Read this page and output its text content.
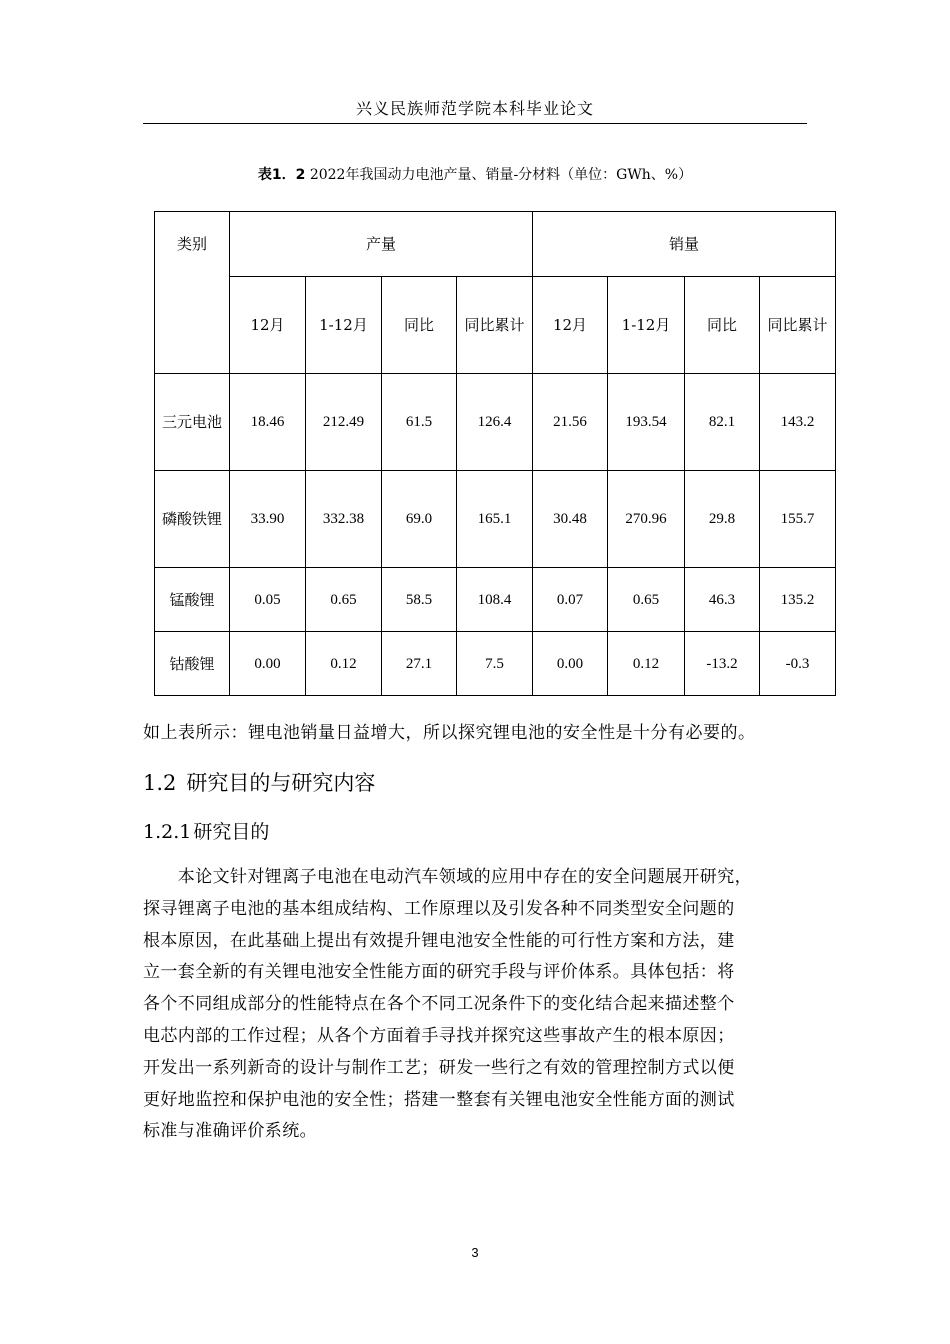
兴义民族师范学院本科毕业论文
表1．2 2022年我国动力电池产量、销量-分材料（单位：GWh、%）
类别	产量				销量			
	12月	1-12月	同比	同比累计	12月	1-12月	同比	同比累计
三元电池	18.46	212.49	61.5	126.4	21.56	193.54	82.1	143.2
磷酸铁锂	33.90	332.38	69.0	165.1	30.48	270.96	29.8	155.7
锰酸锂	0.05	0.65	58.5	108.4	0.07	0.65	46.3	135.2
钴酸锂	0.00	0.12	27.1	7.5	0.00	0.12	-13.2	-0.3
如上表所示：锂电池销量日益增大，所以探究锂电池的安全性是十分有必要的。
1.2 研究目的与研究内容
1.2.1 研究目的
　　本论文针对锂离子电池在电动汽车领域的应用中存在的安全问题展开研究，
探寻锂离子电池的基本组成结构、工作原理以及引发各种不同类型安全问题的
根本原因，在此基础上提出有效提升锂电池安全性能的可行性方案和方法，建
立一套全新的有关锂电池安全性能方面的研究手段与评价体系。具体包括：将
各个不同组成部分的性能特点在各个不同工况条件下的变化结合起来描述整个
电芯内部的工作过程；从各个方面着手寻找并探究这些事故产生的根本原因；
开发出一系列新奇的设计与制作工艺；研发一些行之有效的管理控制方式以便
更好地监控和保护电池的安全性；搭建一整套有关锂电池安全性能方面的测试
标准与准确评价系统。
3
